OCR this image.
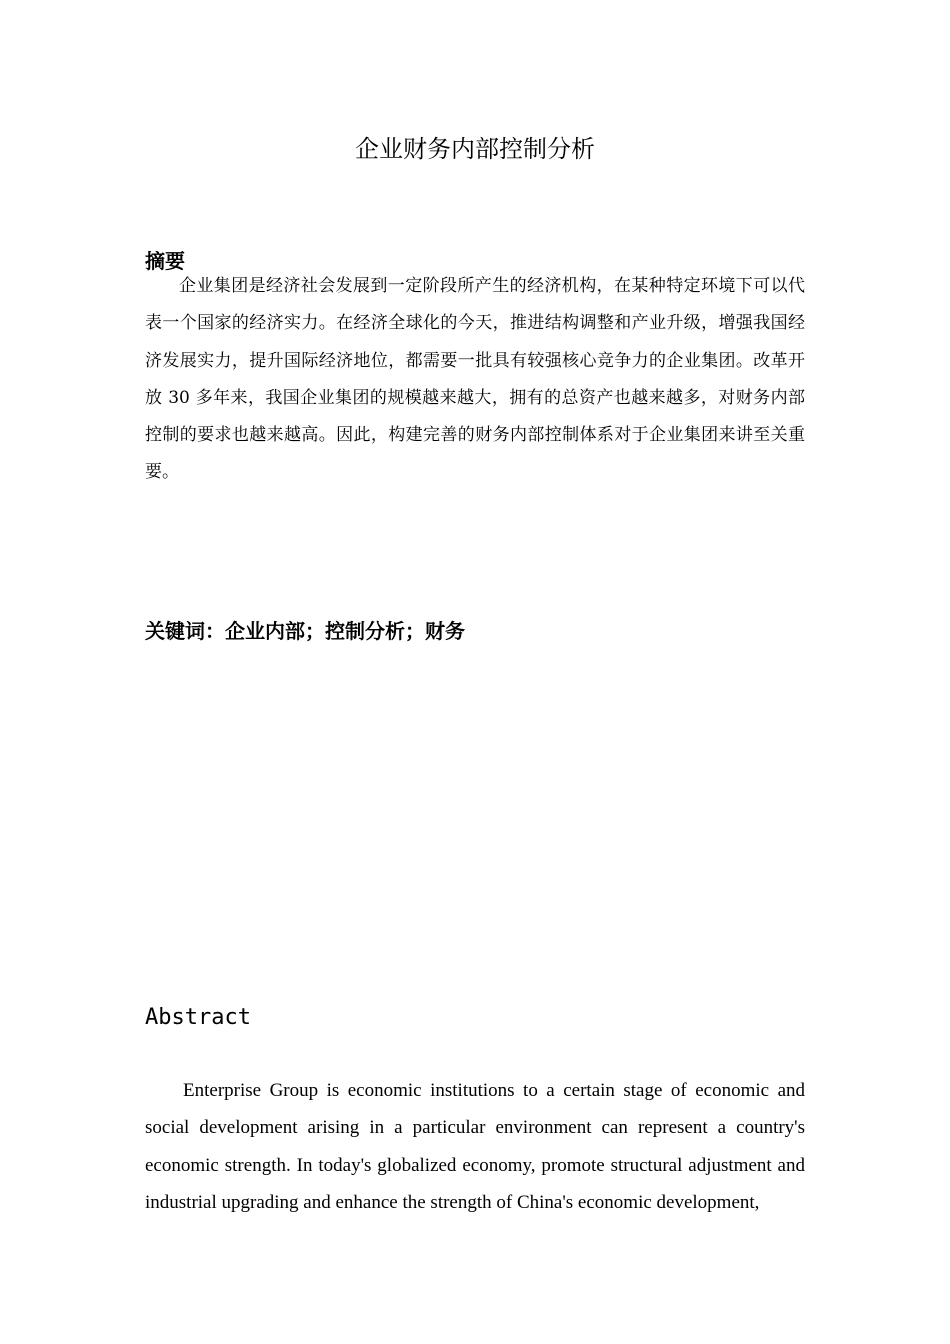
企业财务内部控制分析
摘要

企业集团是经济社会发展到一定阶段所产生的经济机构，在某种特定环境下可以代表一个国家的经济实力。在经济全球化的今天，推进结构调整和产业升级，增强我国经济发展实力，提升国际经济地位，都需要一批具有较强核心竞争力的企业集团。改革开放 30 多年来，我国企业集团的规模越来越大，拥有的总资产也越来越多，对财务内部控制的要求也越来越高。因此，构建完善的财务内部控制体系对于企业集团来讲至关重要。

关键词：企业内部；控制分析；财务
Abstract

Enterprise Group is economic institutions to a certain stage of economic and social development arising in a particular environment can represent a country's economic strength. In today's globalized economy, promote structural adjustment and industrial upgrading and enhance the strength of China's economic development,
